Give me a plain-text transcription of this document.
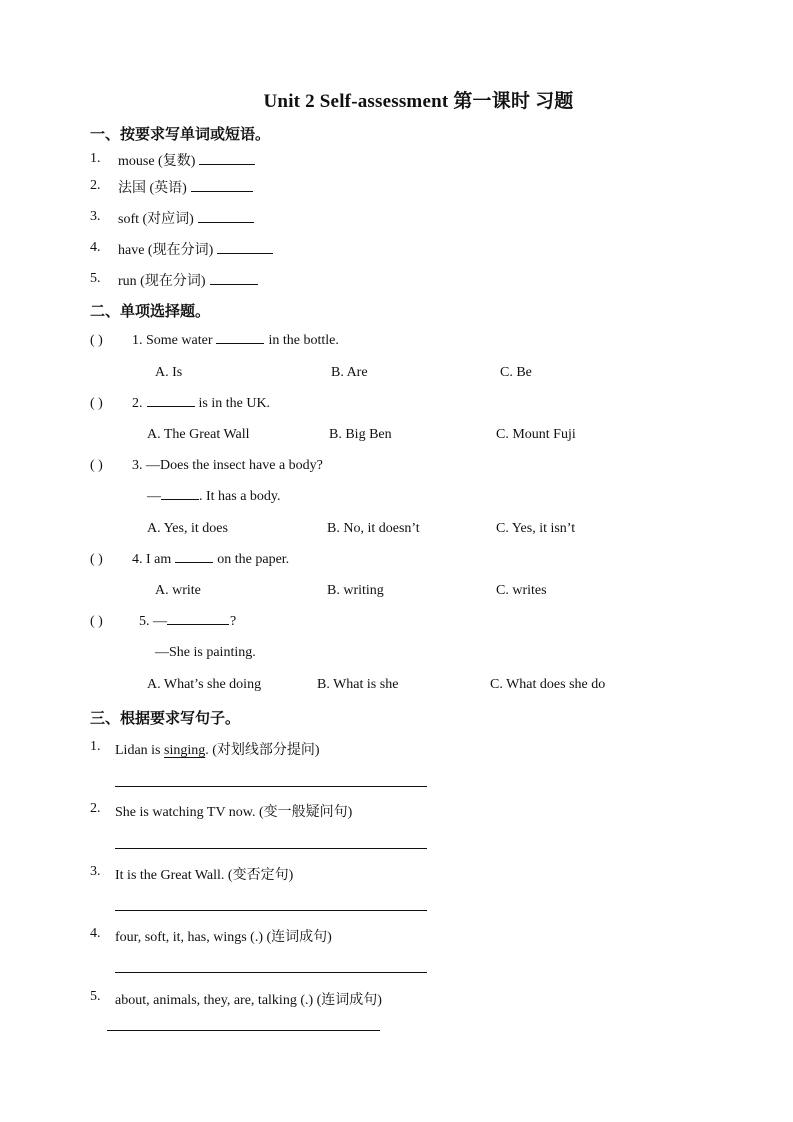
Unit 2 Self-assessment 第一课时 习题
一、按要求写单词或短语。
1. mouse (复数)
2. 法国 (英语)
3. soft (对应词)
4. have (现在分词)
5. run (现在分词)
二、单项选择题。
( ) 1. Some water	in the bottle.
A. Is	B. Are	C. Be
( ) 2.	is in the UK.
A. The Great Wall	B. Big Ben	C. Mount Fuji
( ) 3. ―Does the insect have a body?
—	. It has a body.
A. Yes, it does	B. No, it doesn’t	C. Yes, it isn’t
( ) 4. I am	on the paper.
A. write	B. writing	C. writes
( )	5. —	?
—She is painting.
A. What’s she doing	B. What is she	C. What does she do
三、根据要求写句子。
1. Lidan is singing. (对划线部分提问)
2. She is watching TV now. (变一般疑问句)
3. It is the Great Wall. (变否定句)
4. four, soft, it, has, wings (.) (连词成句)
5. about, animals, they, are, talking (.) (连词成句)
